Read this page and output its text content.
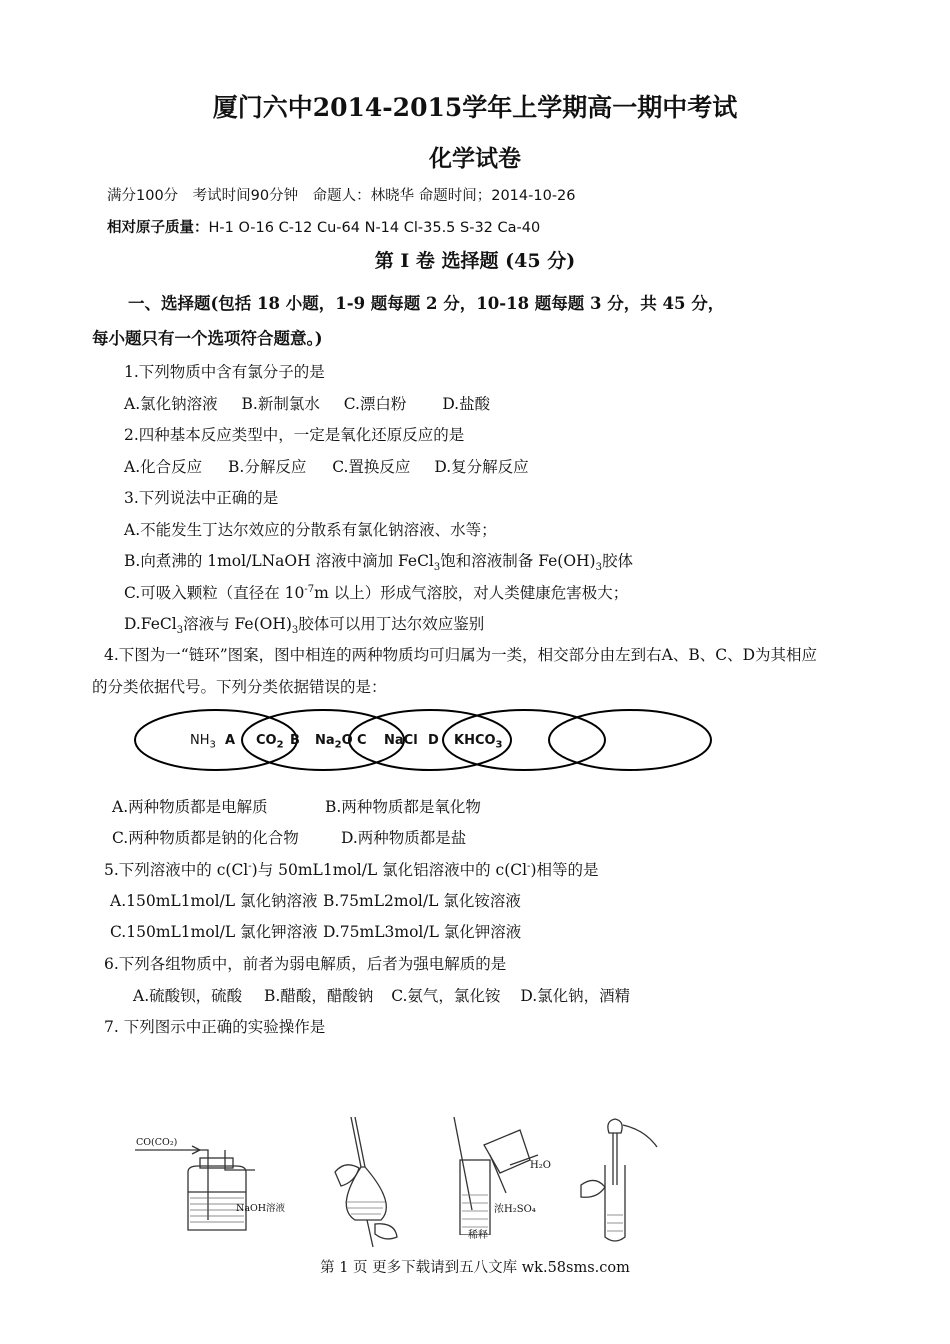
厦门六中2014-2015学年上学期高一期中考试
化学试卷
满分100分　考试时间90分钟　命题人：林晓华 命题时间；2014-10-26
相对原子质量：H-1 O-16 C-12 Cu-64 N-14 Cl-35.5 S-32 Ca-40
第 I 卷 选择题 (45 分)
一、选择题(包括 18 小题，1-9 题每题 2 分，10-18 题每题 3 分，共 45 分，
每小题只有一个选项符合题意。)
1.下列物质中含有氯分子的是
A.氯化钠溶液 B.新制氯水 C.漂白粉 D.盐酸
2.四种基本反应类型中，一定是氧化还原反应的是
A.化合反应 B.分解反应 C.置换反应 D.复分解反应
3.下列说法中正确的是
A.不能发生丁达尔效应的分散系有氯化钠溶液、水等；
B.向煮沸的 1mol/LNaOH 溶液中滴加 FeCl$_3$饱和溶液制备 $Fe(OH)_3$胶体
C.可吸入颗粒（直径在 $10^{-7}m$ 以上）形成气溶胶，对人类健康危害极大；
D.FeCl$_3$溶液与 $Fe(OH)_3$胶体可以用丁达尔效应鉴别
4.下图为一“链环”图案，图中相连的两种物质均可归属为一类，相交部分由左到右A、B、C、D为其相应
的分类依据代号。下列分类依据错误的是：
$NH_3$ A $CO_2$ B $Na_2O$ C NaCl D $KHCO_3$
A.两种物质都是电解质	B.两种物质都是氧化物
C.两种物质都是钠的化合物	D.两种物质都是盐
5.下列溶液中的 c(Cl-)与 50mL1mol/L 氯化铝溶液中的 c(Cl-)相等的是
A.150mL1mol/L 氯化钠溶液 B.75mL2mol/L 氯化铵溶液
C.150mL1mol/L 氯化钾溶液 D.75mL3mol/L 氯化钾溶液
6.下列各组物质中，前者为弱电解质，后者为强电解质的是
A.硫酸钡，硫酸 B.醋酸，醋酸钠 C.氨气，氯化铵 D.氯化钠，酒精
7. 下列图示中正确的实验操作是
CO(CO₂)
NaOH溶液
H₂O
浓H₂SO₄
稀释
第 1 页 更多下载请到五八文库 wk.58sms.com
